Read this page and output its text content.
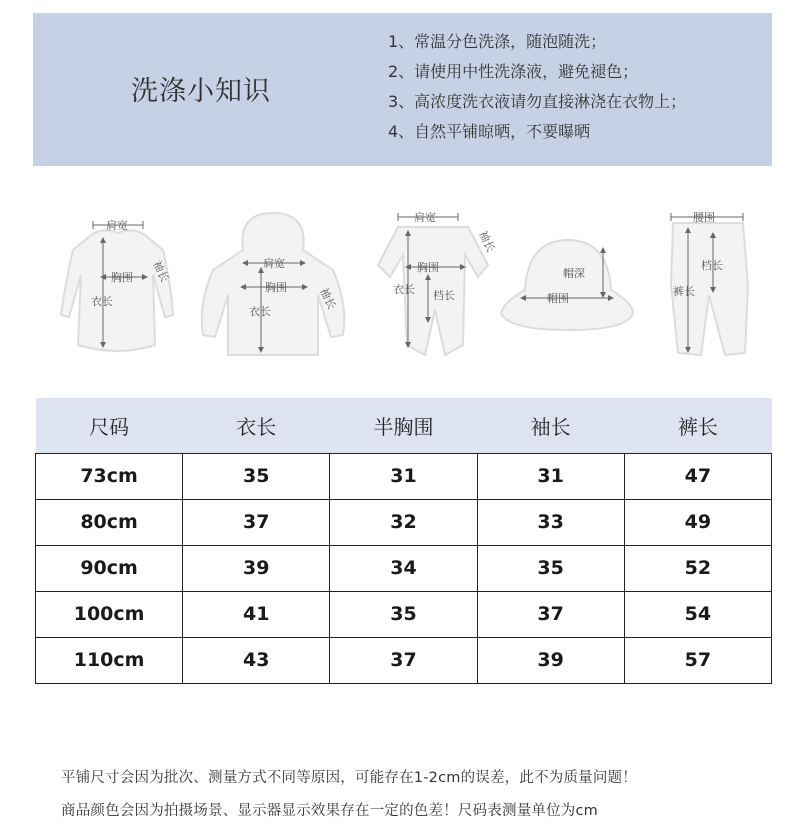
洗涤小知识
1、常温分色洗涤，随泡随洗；
2、请使用中性洗涤液，避免褪色；
3、高浓度洗衣液请勿直接淋浇在衣物上；
4、自然平铺晾晒，不要曝晒
肩宽
胸围
衣长
袖长	肩宽
胸围
衣长
袖长
肩宽
胸围
衣长 档长
袖长
帽深
帽围
腰围
档长
裤长
尺码	衣长	半胸围	袖长	裤长
73cm	35	31	31	47
80cm	37	32	33	49
90cm	39	34	35	52
100cm	41	35	37	54
110cm	43	37	39	57

平铺尺寸会因为批次、测量方式不同等原因，可能存在1-2cm的误差，此不为质量问题！

商品颜色会因为拍摄场景、显示器显示效果存在一定的色差！尺码表测量单位为cm
